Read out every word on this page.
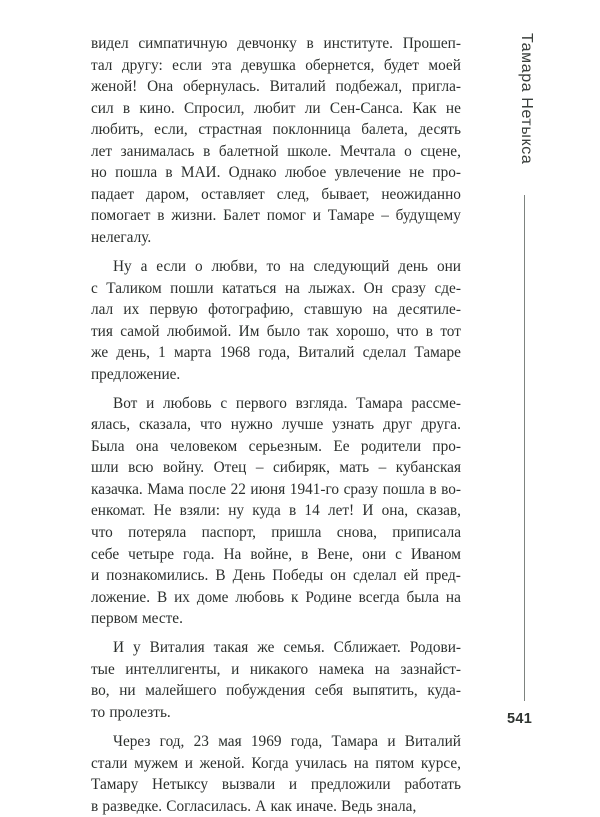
видел симпатичную девчонку в институте. Прошеп-
тал другу: если эта девушка обернется, будет моей
женой! Она обернулась. Виталий подбежал, пригла-
сил в кино. Спросил, любит ли Сен-Санса. Как не
любить, если, страстная поклонница балета, десять
лет занималась в балетной школе. Мечтала о сцене,
но пошла в МАИ. Однако любое увлечение не про-
падает даром, оставляет след, бывает, неожиданно
помогает в жизни. Балет помог и Тамаре – будущему
нелегалу.
Ну а если о любви, то на следующий день они
с Таликом пошли кататься на лыжах. Он сразу сде-
лал их первую фотографию, ставшую на десятиле-
тия самой любимой. Им было так хорошо, что в тот
же день, 1 марта 1968 года, Виталий сделал Тамаре
предложение.
Вот и любовь с первого взгляда. Тамара рассме-
ялась, сказала, что нужно лучше узнать друг друга.
Была она человеком серьезным. Ее родители про-
шли всю войну. Отец – сибиряк, мать – кубанская
казачка. Мама после 22 июня 1941-го сразу пошла в во-
енкомат. Не взяли: ну куда в 14 лет! И она, сказав,
что потеряла паспорт, пришла снова, приписала
себе четыре года. На войне, в Вене, они с Иваном
и познакомились. В День Победы он сделал ей пред-
ложение. В их доме любовь к Родине всегда была на
первом месте.
И у Виталия такая же семья. Сближает. Родови-
тые интеллигенты, и никакого намека на зазнайст-
во, ни малейшего побуждения себя выпятить, куда-
то пролезть.
Через год, 23 мая 1969 года, Тамара и Виталий
стали мужем и женой. Когда училась на пятом курсе,
Тамару Нетыксу вызвали и предложили работать
в разведке. Согласилась. А как иначе. Ведь знала,
Тамара Нетыкса
541
